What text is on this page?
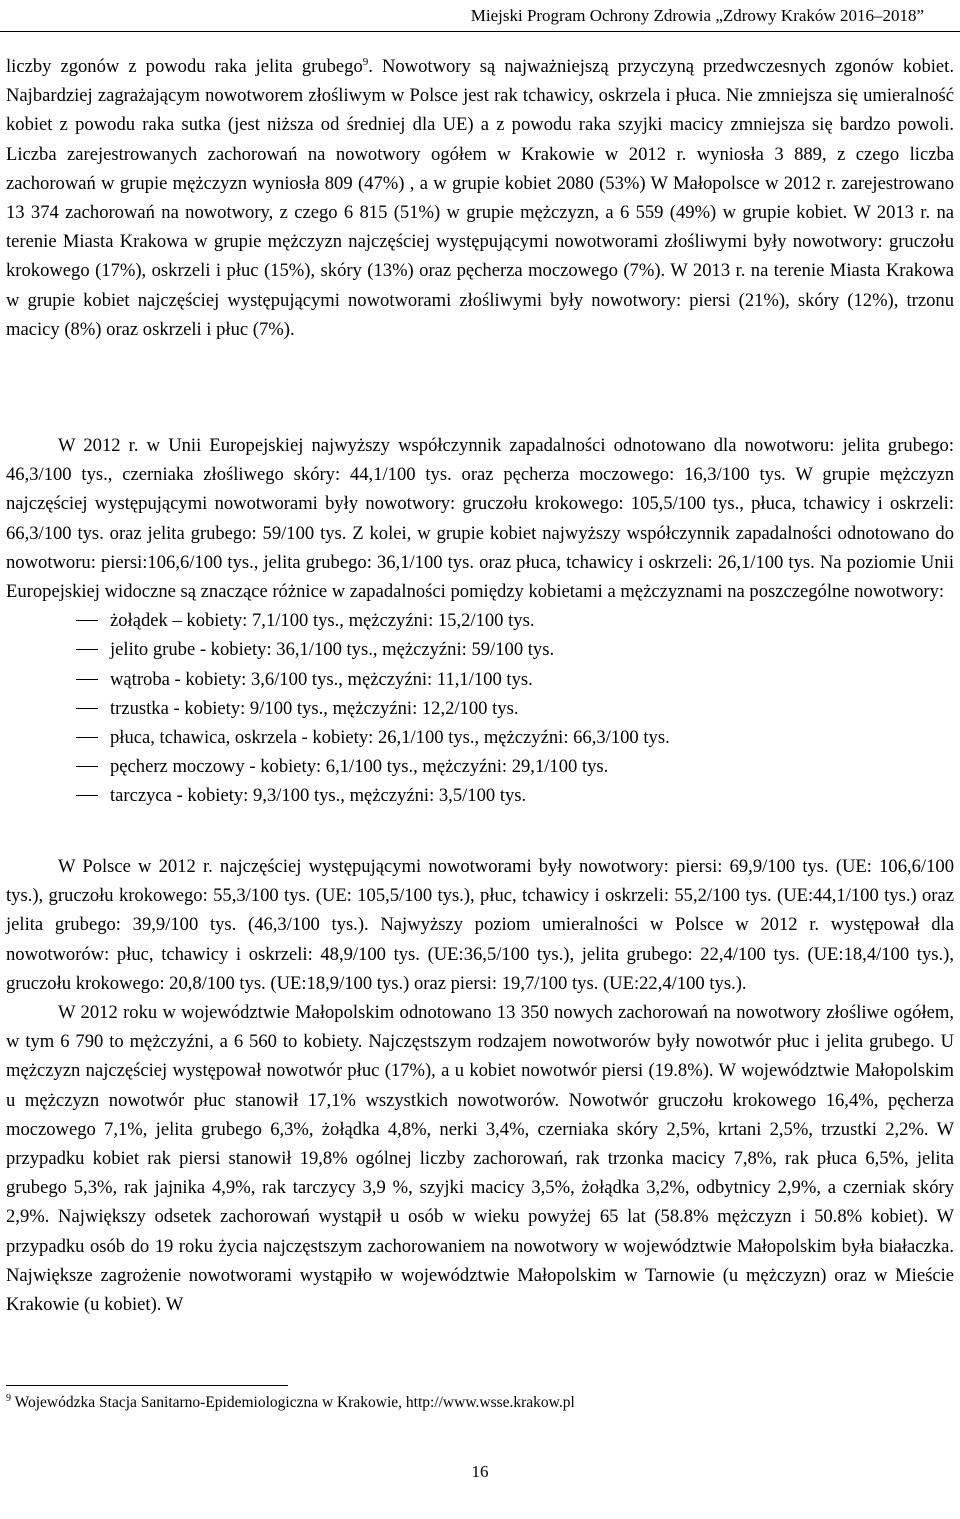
Miejski Program Ochrony Zdrowia „Zdrowy Kraków 2016–2018”

liczby zgonów z powodu raka jelita grubego$^9$. Nowotwory są najważniejszą przyczyną przedwczesnych zgonów kobiet. Najbardziej zagrażającym nowotworem złośliwym w Polsce jest rak tchawicy, oskrzela i płuca. Nie zmniejsza się umieralność kobiet z powodu raka sutka (jest niższa od średniej dla UE) a z powodu raka szyjki macicy zmniejsza się bardzo powoli. Liczba zarejestrowanych zachorowań na nowotwory ogółem w Krakowie w 2012 r. wyniosła 3 889, z czego liczba zachorowań w grupie mężczyzn wyniosła 809 (47%) , a w grupie kobiet 2080 (53%) W Małopolsce w 2012 r. zarejestrowano 13 374 zachorowań na nowotwory, z czego 6 815 (51%) w grupie mężczyzn, a 6 559 (49%) w grupie kobiet. W 2013 r. na terenie Miasta Krakowa w grupie mężczyzn najczęściej występującymi nowotworami złośliwymi były nowotwory: gruczołu krokowego (17%), oskrzeli i płuc (15%), skóry (13%) oraz pęcherza moczowego (7%). W 2013 r. na terenie Miasta Krakowa w grupie kobiet najczęściej występującymi nowotworami złośliwymi były nowotwory: piersi (21%), skóry (12%), trzonu macicy (8%) oraz oskrzeli i płuc (7%).

W 2012 r. w Unii Europejskiej najwyższy współczynnik zapadalności odnotowano dla nowotworu: jelita grubego: 46,3/100 tys., czerniaka złośliwego skóry: 44,1/100 tys. oraz pęcherza moczowego: 16,3/100 tys. W grupie mężczyzn najczęściej występującymi nowotworami były nowotwory: gruczołu krokowego: 105,5/100 tys., płuca, tchawicy i oskrzeli: 66,3/100 tys. oraz jelita grubego: 59/100 tys. Z kolei, w grupie kobiet najwyższy współczynnik zapadalności odnotowano do nowotworu: piersi:106,6/100 tys., jelita grubego: 36,1/100 tys. oraz płuca, tchawicy i oskrzeli: 26,1/100 tys. Na poziomie Unii Europejskiej widoczne są znaczące różnice w zapadalności pomiędzy kobietami a mężczyznami na poszczególne nowotwory:

żołądek – kobiety: 7,1/100 tys., mężczyźni: 15,2/100 tys.
jelito grube - kobiety: 36,1/100 tys., mężczyźni: 59/100 tys.
wątroba - kobiety: 3,6/100 tys., mężczyźni: 11,1/100 tys.
trzustka - kobiety: 9/100 tys., mężczyźni: 12,2/100 tys.
płuca, tchawica, oskrzela - kobiety: 26,1/100 tys., mężczyźni: 66,3/100 tys.
pęcherz moczowy - kobiety: 6,1/100 tys., mężczyźni: 29,1/100 tys.
tarczyca - kobiety: 9,3/100 tys., mężczyźni: 3,5/100 tys.

W Polsce w 2012 r. najczęściej występującymi nowotworami były nowotwory: piersi: 69,9/100 tys. (UE: 106,6/100 tys.), gruczołu krokowego: 55,3/100 tys. (UE: 105,5/100 tys.), płuc, tchawicy i oskrzeli: 55,2/100 tys. (UE:44,1/100 tys.) oraz jelita grubego: 39,9/100 tys. (46,3/100 tys.). Najwyższy poziom umieralności w Polsce w 2012 r. występował dla nowotworów: płuc, tchawicy i oskrzeli: 48,9/100 tys. (UE:36,5/100 tys.), jelita grubego: 22,4/100 tys. (UE:18,4/100 tys.), gruczołu krokowego: 20,8/100 tys. (UE:18,9/100 tys.) oraz piersi: 19,7/100 tys. (UE:22,4/100 tys.).

W 2012 roku w województwie Małopolskim odnotowano 13 350 nowych zachorowań na nowotwory złośliwe ogółem, w tym 6 790 to mężczyźni, a 6 560 to kobiety. Najczęstszym rodzajem nowotworów były nowotwór płuc i jelita grubego. U mężczyzn najczęściej występował nowotwór płuc (17%), a u kobiet nowotwór piersi (19.8%). W województwie Małopolskim u mężczyzn nowotwór płuc stanowił 17,1% wszystkich nowotworów. Nowotwór gruczołu krokowego 16,4%, pęcherza moczowego 7,1%, jelita grubego 6,3%, żołądka 4,8%, nerki 3,4%, czerniaka skóry 2,5%, krtani 2,5%, trzustki 2,2%. W przypadku kobiet rak piersi stanowił 19,8% ogólnej liczby zachorowań, rak trzonka macicy 7,8%, rak płuca 6,5%, jelita grubego 5,3%, rak jajnika 4,9%, rak tarczycy 3,9 %, szyjki macicy 3,5%, żołądka 3,2%, odbytnicy 2,9%, a czerniak skóry 2,9%. Największy odsetek zachorowań wystąpił u osób w wieku powyżej 65 lat (58.8% mężczyzn i 50.8% kobiet). W przypadku osób do 19 roku życia najczęstszym zachorowaniem na nowotwory w województwie Małopolskim była białaczka. Największe zagrożenie nowotworami wystąpiło w województwie Małopolskim w Tarnowie (u mężczyzn) oraz w Mieście Krakowie (u kobiet). W

$^9$ Wojewódzka Stacja Sanitarno-Epidemiologiczna w Krakowie, http://www.wsse.krakow.pl
16
